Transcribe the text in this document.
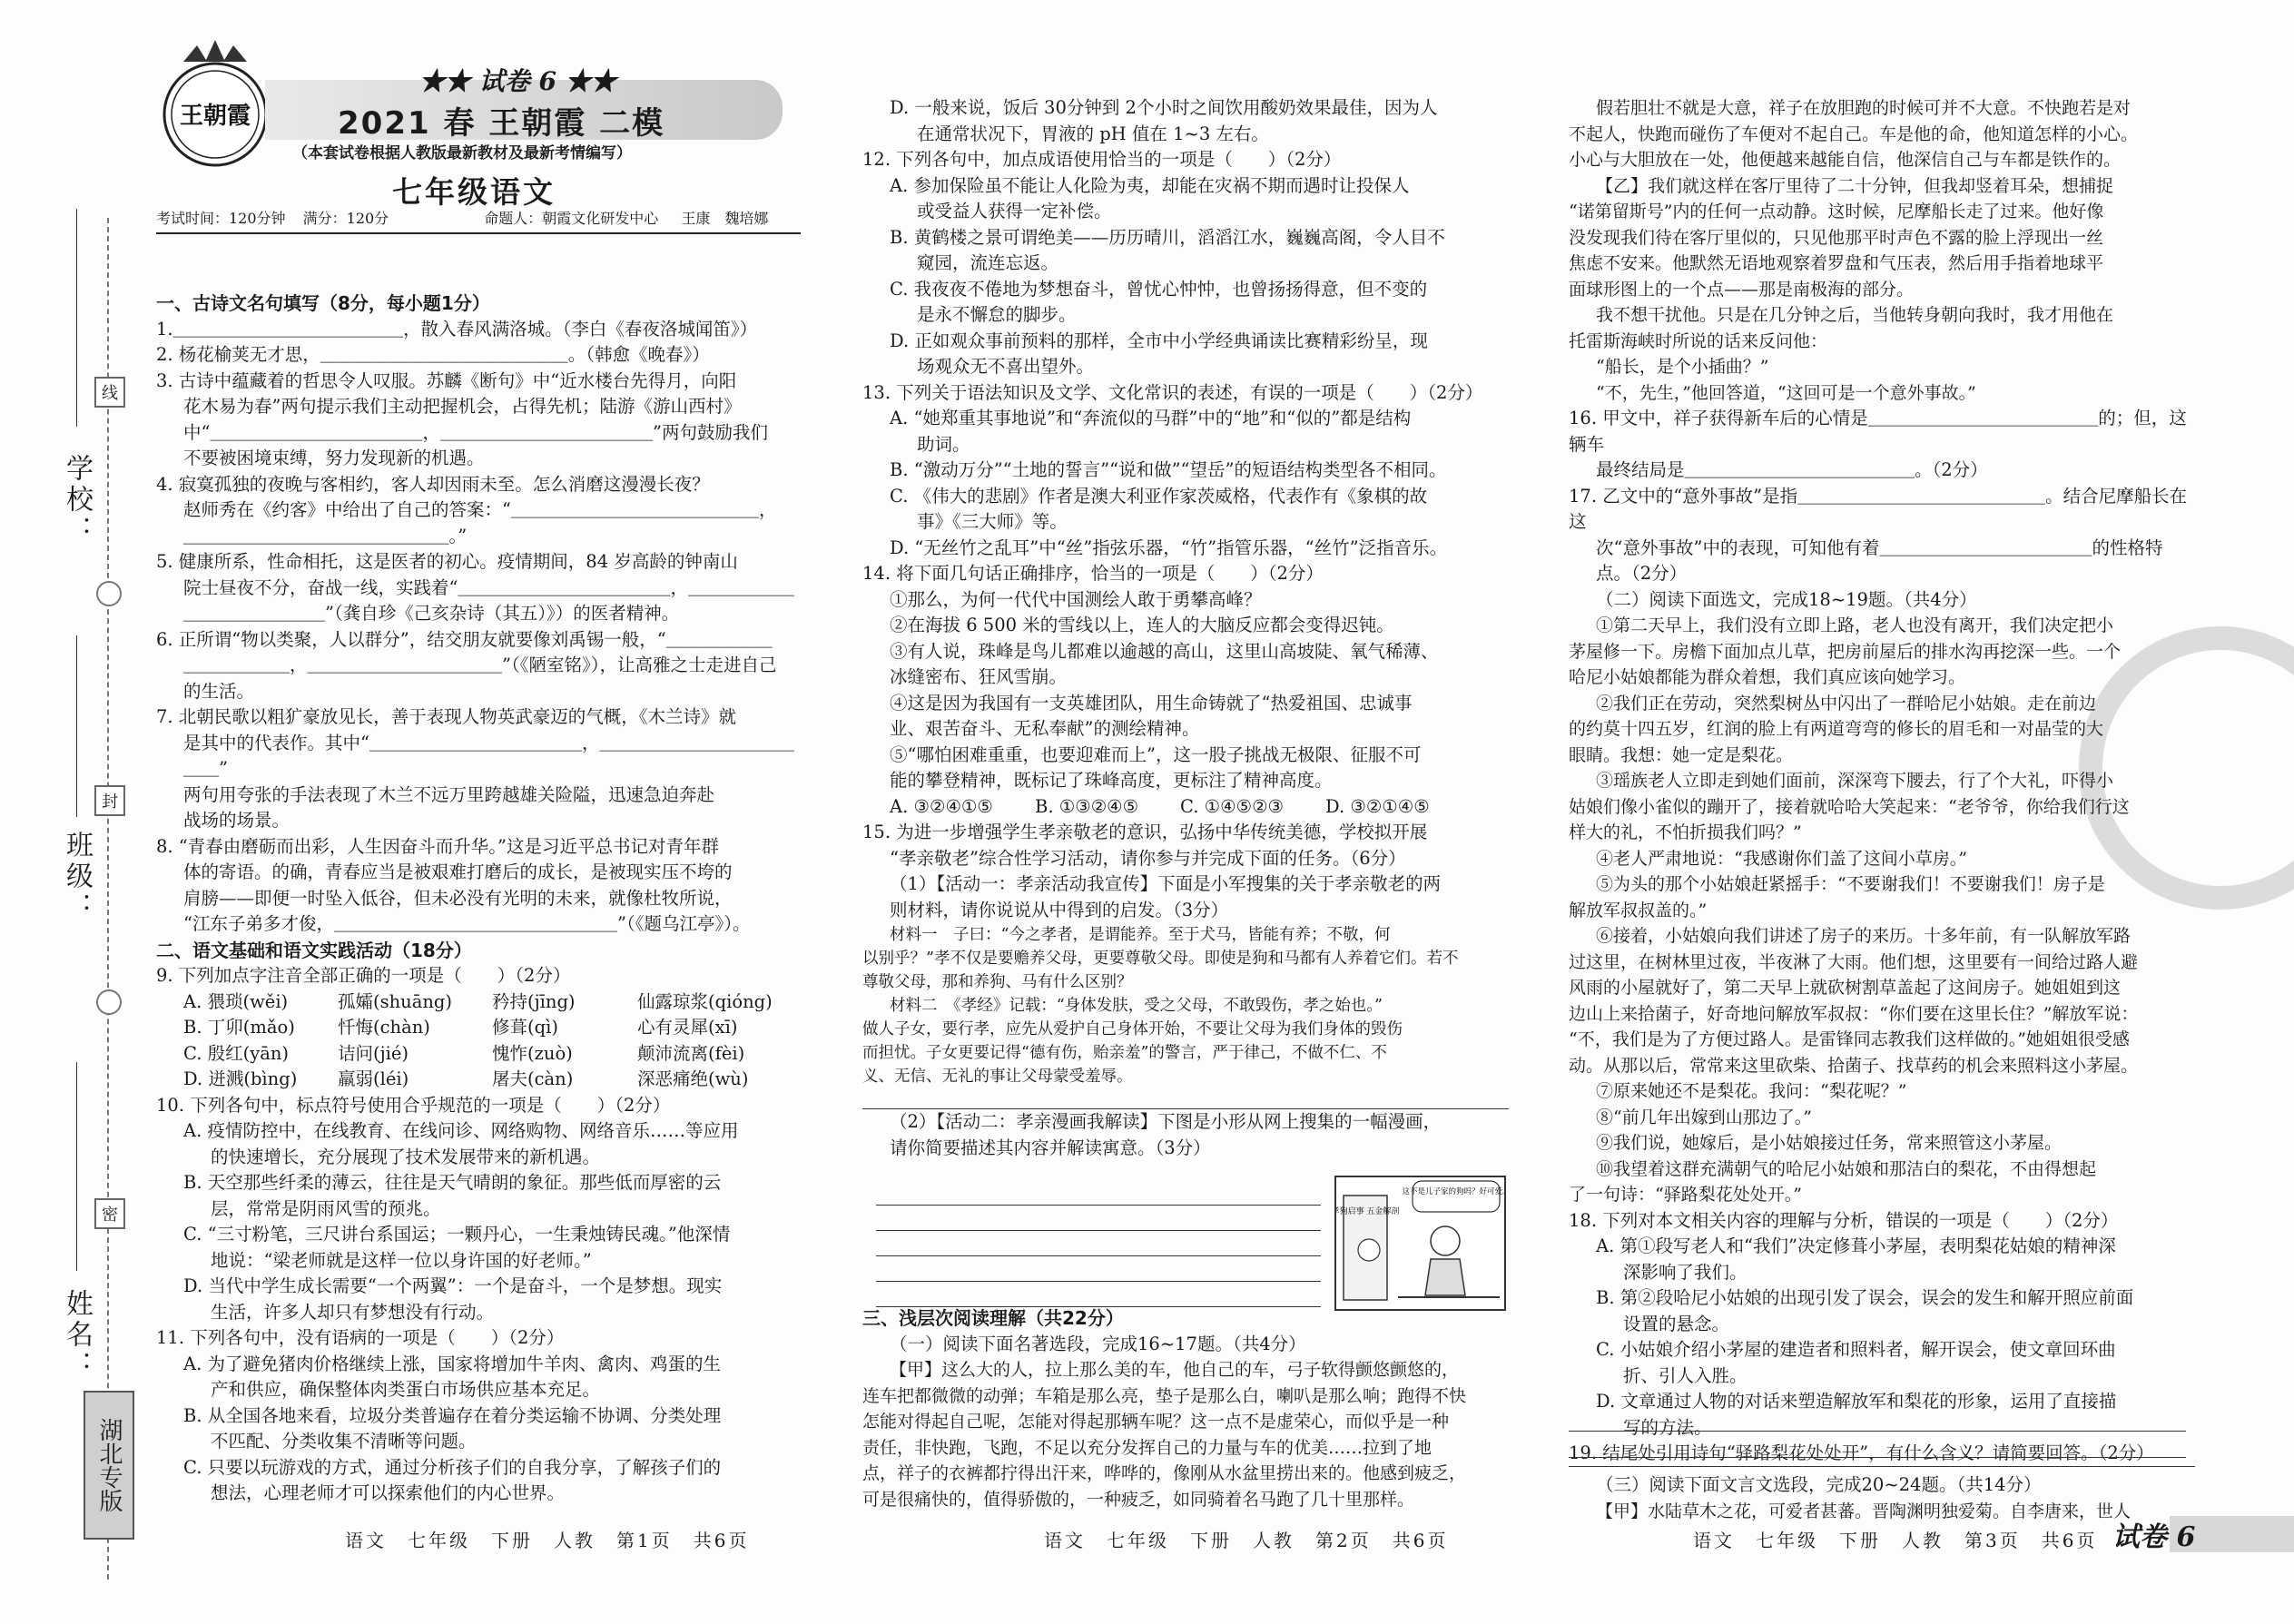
学校：
班级：
姓名：
线
封
密
湖北专版
王朝霞
★★ 试卷 6 ★★
2021 春 王朝霞 二模
（本套试卷根据人教版最新教材及最新考情编写）
七年级语文
考试时间：120分钟 满分：120分	命题人：朝霞文化研发中心 王康　魏培娜

一、古诗文名句填写（8分，每小题1分）

1.＿＿＿＿＿＿＿＿＿＿＿＿＿，散入春风满洛城。（李白《春夜洛城闻笛》）

2. 杨花榆荚无才思，＿＿＿＿＿＿＿＿＿＿＿＿＿＿。（韩愈《晚春》）

3. 古诗中蕴藏着的哲思令人叹服。苏麟《断句》中“近水楼台先得月，向阳

花木易为春”两句提示我们主动把握机会，占得先机；陆游《游山西村》

中“＿＿＿＿＿＿＿＿＿＿＿＿，＿＿＿＿＿＿＿＿＿＿＿＿”两句鼓励我们

不要被困境束缚，努力发现新的机遇。

4. 寂寞孤独的夜晚与客相约，客人却因雨未至。怎么消磨这漫漫长夜？

赵师秀在《约客》中给出了自己的答案：“＿＿＿＿＿＿＿＿＿＿＿＿＿＿，

＿＿＿＿＿＿＿＿＿＿＿＿＿＿＿。”

5. 健康所系，性命相托，这是医者的初心。疫情期间，84 岁高龄的钟南山

院士昼夜不分，奋战一线，实践着“＿＿＿＿＿＿＿＿＿＿＿＿，＿＿＿＿＿＿

＿＿＿＿＿＿＿＿”（龚自珍《己亥杂诗（其五）》）的医者精神。

6. 正所谓“物以类聚，人以群分”，结交朋友就要像刘禹锡一般，“＿＿＿＿＿＿

＿＿＿＿＿＿，＿＿＿＿＿＿＿＿＿＿＿”（《陋室铭》），让高雅之士走进自己

的生活。

7. 北朝民歌以粗犷豪放见长，善于表现人物英武豪迈的气概，《木兰诗》就

是其中的代表作。其中“＿＿＿＿＿＿＿＿＿＿＿＿，＿＿＿＿＿＿＿＿＿＿＿＿＿”

两句用夸张的手法表现了木兰不远万里跨越雄关险隘，迅速急迫奔赴

战场的场景。

8. “青春由磨砺而出彩，人生因奋斗而升华。”这是习近平总书记对青年群

体的寄语。的确，青春应当是被艰难打磨后的成长，是被现实压不垮的

肩膀——即便一时坠入低谷，但未必没有光明的未来，就像杜牧所说，

“江东子弟多才俊，＿＿＿＿＿＿＿＿＿＿＿＿＿＿＿＿”（《题乌江亭》）。

二、语文基础和语文实践活动（18分）

9. 下列加点字注音全部正确的一项是（　　）（2分）

A. 猥琐(wěi)	孤孀(shuāng)	矜持(jīng)	仙露琼浆(qióng)
B. 丁卯(mǎo)	忏悔(chàn)	修葺(qì)	心有灵犀(xī)
C. 殷红(yān)	诘问(jié)	愧怍(zuò)	颠沛流离(fèi)
D. 迸溅(bìng)	羸弱(léi)	屠夫(càn)	深恶痛绝(wù)

10. 下列各句中，标点符号使用合乎规范的一项是（　　）（2分）

A. 疫情防控中，在线教育、在线问诊、网络购物、网络音乐……等应用

的快速增长，充分展现了技术发展带来的新机遇。

B. 天空那些纤柔的薄云，往往是天气晴朗的象征。那些低而厚密的云

层，常常是阴雨风雪的预兆。

C. “三寸粉笔，三尺讲台系国运；一颗丹心，一生秉烛铸民魂。”他深情

地说：“梁老师就是这样一位以身许国的好老师。”

D. 当代中学生成长需要“一个两翼”：一个是奋斗，一个是梦想。现实

生活，许多人却只有梦想没有行动。

11. 下列各句中，没有语病的一项是（　　）（2分）

A. 为了避免猪肉价格继续上涨，国家将增加牛羊肉、禽肉、鸡蛋的生

产和供应，确保整体肉类蛋白市场供应基本充足。

B. 从全国各地来看，垃圾分类普遍存在着分类运输不协调、分类处理

不匹配、分类收集不清晰等问题。

C. 只要以玩游戏的方式，通过分析孩子们的自我分享，了解孩子们的

想法，心理老师才可以探索他们的内心世界。

D. 一般来说，饭后 30分钟到 2个小时之间饮用酸奶效果最佳，因为人

在通常状况下，胃液的 pH 值在 1~3 左右。

12. 下列各句中，加点成语使用恰当的一项是（　　）（2分）

A. 参加保险虽不能让人化险为夷，却能在灾祸不期而遇时让投保人

或受益人获得一定补偿。

B. 黄鹤楼之景可谓绝美——历历晴川，滔滔江水，巍巍高阁，令人目不

窥园，流连忘返。

C. 我夜夜不倦地为梦想奋斗，曾忧心忡忡，也曾扬扬得意，但不变的

是永不懈怠的脚步。

D. 正如观众事前预料的那样，全市中小学经典诵读比赛精彩纷呈，现

场观众无不喜出望外。

13. 下列关于语法知识及文学、文化常识的表述，有误的一项是（　　）（2分）

A. “她郑重其事地说”和“奔流似的马群”中的“地”和“似的”都是结构

助词。

B. “激动万分”“土地的誓言”“说和做”“望岳”的短语结构类型各不相同。

C. 《伟大的悲剧》作者是澳大利亚作家茨威格，代表作有《象棋的故

事》《三大师》等。

D. “无丝竹之乱耳”中“丝”指弦乐器，“竹”指管乐器，“丝竹”泛指音乐。

14. 将下面几句话正确排序，恰当的一项是（　　）（2分）

①那么，为何一代代中国测绘人敢于勇攀高峰？

②在海拔 6 500 米的雪线以上，连人的大脑反应都会变得迟钝。

③有人说，珠峰是鸟儿都难以逾越的高山，这里山高坡陡、氧气稀薄、

冰缝密布、狂风雪崩。

④这是因为我国有一支英雄团队，用生命铸就了“热爱祖国、忠诚事

业、艰苦奋斗、无私奉献”的测绘精神。

⑤“哪怕困难重重，也要迎难而上”，这一股子挑战无极限、征服不可

能的攀登精神，既标记了珠峰高度，更标注了精神高度。

A. ③②④①⑤	B. ①③②④⑤	C. ①④⑤②③	D. ③②①④⑤

15. 为进一步增强学生孝亲敬老的意识，弘扬中华传统美德，学校拟开展

“孝亲敬老”综合性学习活动，请你参与并完成下面的任务。（6分）

（1）【活动一：孝亲活动我宣传】下面是小军搜集的关于孝亲敬老的两

则材料，请你说说从中得到的启发。（3分）

材料一　子曰：“今之孝者，是谓能养。至于犬马，皆能有养；不敬，何

以别乎？”孝不仅是要赡养父母，更要尊敬父母。即使是狗和马都有人养着它们。若不

尊敬父母，那和养狗、马有什么区别？

材料二　《孝经》记载：“身体发肤，受之父母，不敢毁伤，孝之始也。”

做人子女，要行孝，应先从爱护自己身体开始，不要让父母为我们身体的毁伤

而担忧。子女更要记得“德有伤，贻亲羞”的警言，严于律己，不做不仁、不

义、无信、无礼的事让父母蒙受羞辱。

（2）【活动二：孝亲漫画我解读】下图是小形从网上搜集的一幅漫画，

请你简要描述其内容并解读寓意。（3分）

孝狗启事 五金解剖
这不是儿子家的狗吗？好可爱。

三、浅层次阅读理解（共22分）

（一）阅读下面名著选段，完成16~17题。（共4分）

【甲】这么大的人，拉上那么美的车，他自己的车，弓子软得颤悠颤悠的，

连车把都微微的动弹；车箱是那么亮，垫子是那么白，喇叭是那么响；跑得不快

怎能对得起自己呢，怎能对得起那辆车呢？这一点不是虚荣心，而似乎是一种

责任，非快跑，飞跑，不足以充分发挥自己的力量与车的优美……拉到了地

点，祥子的衣裤都拧得出汗来，哗哗的，像刚从水盆里捞出来的。他感到疲乏，

可是很痛快的，值得骄傲的，一种疲乏，如同骑着名马跑了几十里那样。

假若胆壮不就是大意，祥子在放胆跑的时候可并不大意。不快跑若是对

不起人，快跑而碰伤了车便对不起自己。车是他的命，他知道怎样的小心。

小心与大胆放在一处，他便越来越能自信，他深信自己与车都是铁作的。

【乙】我们就这样在客厅里待了二十分钟，但我却竖着耳朵，想捕捉

“诺第留斯号”内的任何一点动静。这时候，尼摩船长走了过来。他好像

没发现我们待在客厅里似的，只见他那平时声色不露的脸上浮现出一丝

焦虑不安来。他默然无语地观察着罗盘和气压表，然后用手指着地球平

面球形图上的一个点——那是南极海的部分。

我不想干扰他。只是在几分钟之后，当他转身朝向我时，我才用他在

托雷斯海峡时所说的话来反问他：

“船长，是个小插曲？”

“不，先生，”他回答道，“这回可是一个意外事故。”

16. 甲文中，祥子获得新车后的心情是＿＿＿＿＿＿＿＿＿＿＿＿＿的；但，这辆车

最终结局是＿＿＿＿＿＿＿＿＿＿＿＿＿。（2分）

17. 乙文中的“意外事故”是指＿＿＿＿＿＿＿＿＿＿＿＿＿＿。结合尼摩船长在这

次“意外事故”中的表现，可知他有着＿＿＿＿＿＿＿＿＿＿＿＿的性格特点。（2分）

（二）阅读下面选文，完成18~19题。（共4分）

①第二天早上，我们没有立即上路，老人也没有离开，我们决定把小

茅屋修一下。房檐下面加点儿草，把房前屋后的排水沟再挖深一些。一个

哈尼小姑娘都能为群众着想，我们真应该向她学习。

②我们正在劳动，突然梨树丛中闪出了一群哈尼小姑娘。走在前边

的约莫十四五岁，红润的脸上有两道弯弯的修长的眉毛和一对晶莹的大

眼睛。我想：她一定是梨花。

③瑶族老人立即走到她们面前，深深弯下腰去，行了个大礼，吓得小

姑娘们像小雀似的蹦开了，接着就哈哈大笑起来：“老爷爷，你给我们行这

样大的礼，不怕折损我们吗？”

④老人严肃地说：“我感谢你们盖了这间小草房。”

⑤为头的那个小姑娘赶紧摇手：“不要谢我们！不要谢我们！房子是

解放军叔叔盖的。”

⑥接着，小姑娘向我们讲述了房子的来历。十多年前，有一队解放军路

过这里，在树林里过夜，半夜淋了大雨。他们想，这里要有一间给过路人避

风雨的小屋就好了，第二天早上就砍树割草盖起了这间房子。她姐姐到这

边山上来拾菌子，好奇地问解放军叔叔：“你们要在这里长住？”解放军说：

“不，我们是为了方便过路人。是雷锋同志教我们这样做的。”她姐姐很受感

动。从那以后，常常来这里砍柴、拾菌子、找草药的机会来照料这小茅屋。

⑦原来她还不是梨花。我问：“梨花呢？”

⑧“前几年出嫁到山那边了。”

⑨我们说，她嫁后，是小姑娘接过任务，常来照管这小茅屋。

⑩我望着这群充满朝气的哈尼小姑娘和那洁白的梨花，不由得想起

了一句诗：“驿路梨花处处开。”

18. 下列对本文相关内容的理解与分析，错误的一项是（　　）（2分）

A. 第①段写老人和“我们”决定修葺小茅屋，表明梨花姑娘的精神深

深影响了我们。

B. 第②段哈尼小姑娘的出现引发了误会，误会的发生和解开照应前面

设置的悬念。

C. 小姑娘介绍小茅屋的建造者和照料者，解开误会，使文章回环曲

折、引人入胜。

D. 文章通过人物的对话来塑造解放军和梨花的形象，运用了直接描

写的方法。

19. 结尾处引用诗句“驿路梨花处处开”，有什么含义？请简要回答。（2分）

（三）阅读下面文言文选段，完成20~24题。（共14分）

【甲】水陆草木之花，可爱者甚蕃。晋陶渊明独爱菊。自李唐来，世人

语文　七年级　下册　人教　第1页　共6页	语文　七年级　下册　人教　第2页　共6页	语文　七年级　下册　人教　第3页　共6页 试卷 6
